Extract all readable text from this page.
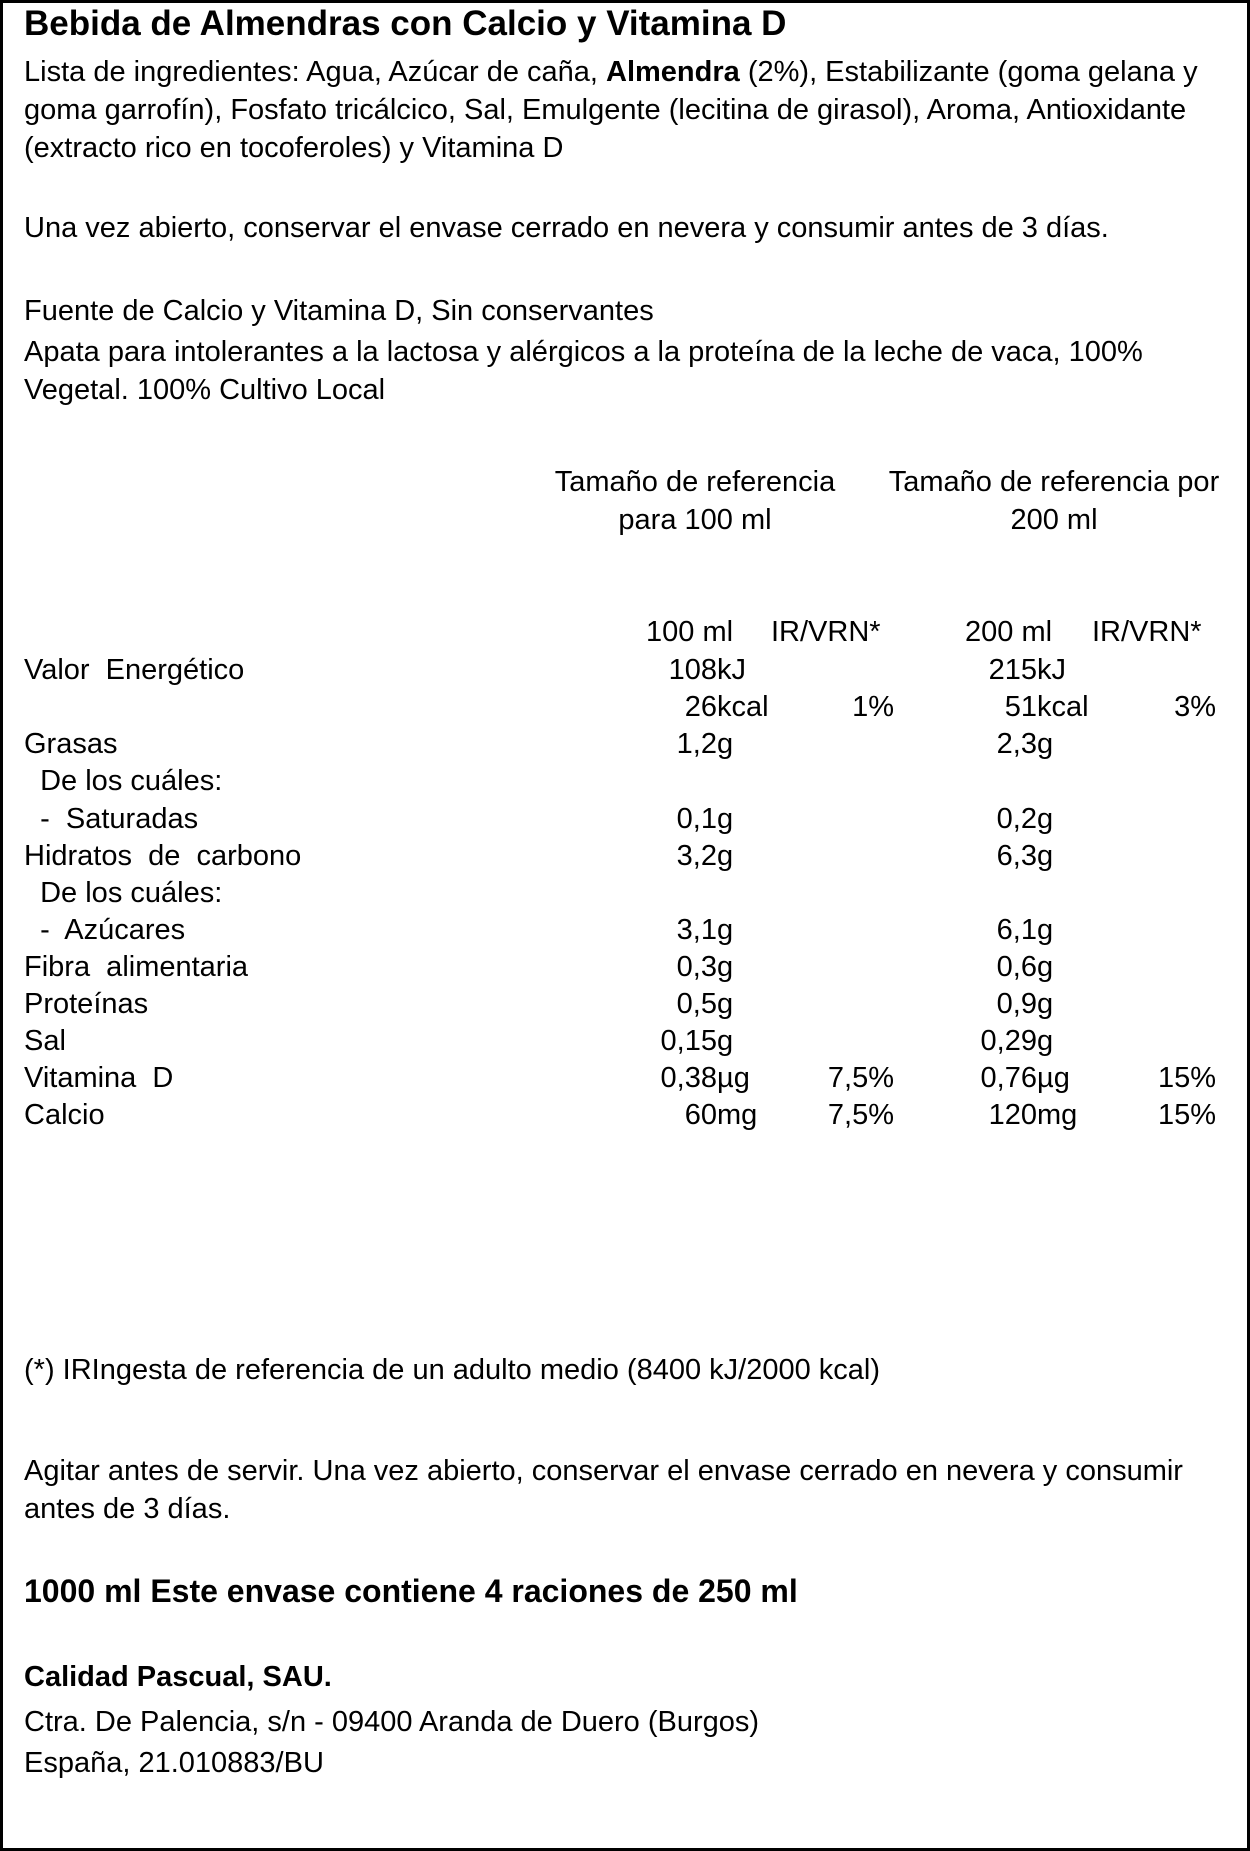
Bebida de Almendras con Calcio y Vitamina D
Lista de ingredientes: Agua, Azúcar de caña, Almendra (2%), Estabilizante (goma gelana y goma garrofín), Fosfato tricálcico, Sal, Emulgente (lecitina de girasol), Aroma, Antioxidante (extracto rico en tocoferoles) y Vitamina D
Una vez abierto, conservar el envase cerrado en nevera y consumir antes de 3 días.
Fuente de Calcio y Vitamina D, Sin conservantes
Apata para intolerantes a la lactosa y alérgicos a la proteína de la leche de vaca, 100% Vegetal. 100% Cultivo Local
Tamaño de referencia
para 100 ml
Tamaño de referencia por
200 ml
100 ml IR/VRN*	200 ml IR/VRN*
Valor  Energético	108 kJ	215 kJ
26 kcal	1%	51 kcal	3%
Grasas	1,2 g	2,3 g
De los cuáles:
-  Saturadas	0,1 g	0,2 g
Hidratos  de  carbono	3,2 g	6,3 g
De los cuáles:
-  Azúcares	3,1 g	6,1 g
Fibra  alimentaria	0,3 g	0,6 g
Proteínas	0,5 g	0,9 g
Sal	0,15 g	0,29 g
Vitamina  D	0,38 µg	7,5%	0,76 µg	15%
Calcio	60 mg	7,5%	120 mg	15%
(*) IRIngesta de referencia de un adulto medio (8400 kJ/2000 kcal)
Agitar antes de servir. Una vez abierto, conservar el envase cerrado en nevera y consumir antes de 3 días.
1000 ml Este envase contiene 4 raciones de 250 ml
Calidad Pascual, SAU.
Ctra. De Palencia, s/n - 09400 Aranda de Duero (Burgos)
España, 21.010883/BU
